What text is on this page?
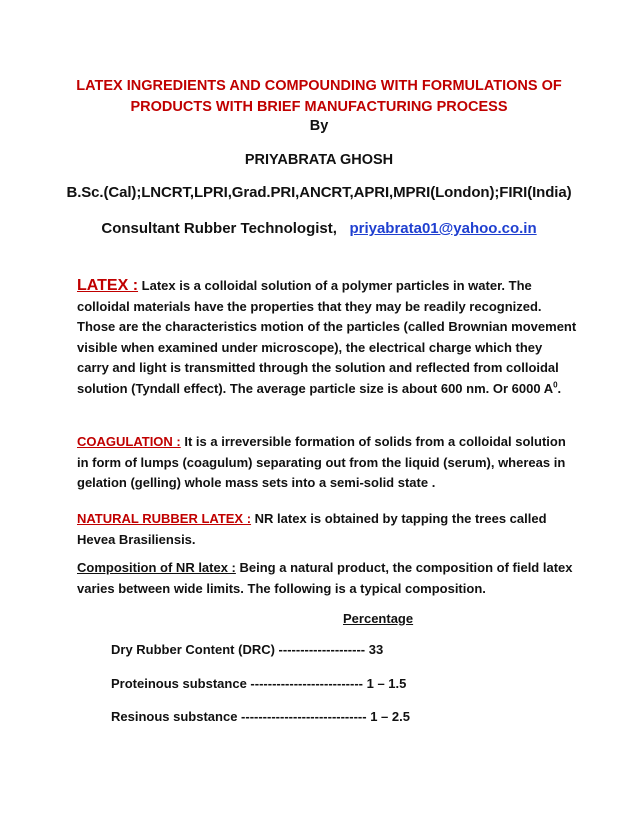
LATEX INGREDIENTS AND COMPOUNDING WITH FORMULATIONS OF PRODUCTS WITH BRIEF MANUFACTURING PROCESS
By
PRIYABRATA GHOSH
B.Sc.(Cal);LNCRT,LPRI,Grad.PRI,ANCRT,APRI,MPRI(London);FIRI(India)
Consultant Rubber Technologist, priyabrata01@yahoo.co.in
LATEX : Latex is a colloidal solution of a polymer particles in water. The colloidal materials have the properties that they may be readily recognized. Those are the characteristics motion of the particles (called Brownian movement visible when examined under microscope), the electrical charge which they carry and light is transmitted through the solution and reflected from colloidal solution (Tyndall effect). The average particle size is about 600 nm. Or 6000 $A^0$.
COAGULATION : It is a irreversible formation of solids from a colloidal solution in form of lumps (coagulum) separating out from the liquid (serum), whereas in gelation (gelling) whole mass sets into a semi-solid state .
NATURAL RUBBER LATEX : NR latex is obtained by tapping the trees called Hevea Brasiliensis.
Composition of NR latex : Being a natural product, the composition of field latex varies between wide limits. The following is a typical composition.
Percentage
Dry Rubber Content (DRC) -------------------- 33
Proteinous substance -------------------------- 1 – 1.5
Resinous substance ----------------------------- 1 – 2.5
